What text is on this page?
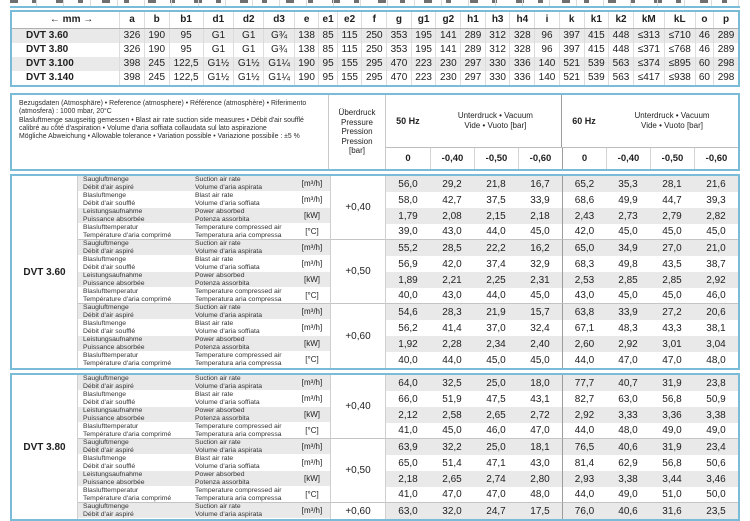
← mm →	a	b	b1	d1	d2	d3	e	e1	e2	f	g	g1	g2	h1	h3	h4	i	k	k1	k2	kM	kL	o	p
DVT 3.60	326	190	95	G1	G1	G¾	138	85	115	250	353	195	141	289	312	328	96	397	415	448	≤313	≤710	46	289
DVT 3.80	326	190	95	G1	G1	G¾	138	85	115	250	353	195	141	289	312	328	96	397	415	448	≤371	≤768	46	289
DVT 3.100	398	245	122,5	G1½	G1½	G1¼	190	95	155	295	470	223	230	297	330	336	140	521	539	563	≤374	≤895	60	298
DVT 3.140	398	245	122,5	G1½	G1½	G1¼	190	95	155	295	470	223	230	297	330	336	140	521	539	563	≤417	≤938	60	298
Bezugsdaten (Atmosphäre) • Reference (atmosphere) • Référence (atmosphère) • Riferimento (atmosfera) : 1000 mbar, 20°C
Blasluftmenge saugseitig gemessen • Blast air rate suction side measures • Débit d'air soufflé calibré au côté d'aspiration • Volume d'aria soffiata collaudata sul lato aspirazione
Mögliche Abweichung • Allowable tolerance • Variation possible • Variazione possibile : ±5 %
Überdruck
Pressure
Pression
Pression
[bar]
50 Hz
Unterdruck • Vacuum
Vide • Vuoto [bar]	60 Hz
Unterdruck • Vacuum
Vide • Vuoto [bar]
0	-0,40	-0,50	-0,60	0	-0,40	-0,50	-0,60
DVT 3.60
+0,40
Saugluftmenge
Débit d'air aspiré
Suction air rate
Volume d'aria aspirata	[m³/h]	56,0	29,2	21,8	16,7	65,2	35,3	28,1	21,6
Blasluftmenge
Débit d'air soufflé
Blast air rate
Volume d'aria soffiata	[m³/h]	58,0	42,7	37,5	33,9	68,6	49,9	44,7	39,3
Leistungsaufnahme
Puissance absorbée
Power absorbed
Potenza assorbita	[kW]	1,79	2,08	2,15	2,18	2,43	2,73	2,79	2,82
Blaslufttemperatur
Température d'aria comprimé
Temperature compressed air
Temperatura aria compressa	[°C]	39,0	43,0	44,0	45,0	42,0	45,0	45,0	45,0
+0,50
Saugluftmenge
Débit d'air aspiré
Suction air rate
Volume d'aria aspirata	[m³/h]	55,2	28,5	22,2	16,2	65,0	34,9	27,0	21,0
Blasluftmenge
Débit d'air soufflé
Blast air rate
Volume d'aria soffiata	[m³/h]	56,9	42,0	37,4	32,9	68,3	49,8	43,5	38,7
Leistungsaufnahme
Puissance absorbée
Power absorbed
Potenza assorbita	[kW]	1,89	2,21	2,25	2,31	2,53	2,85	2,85	2,92
Blaslufttemperatur
Température d'aria comprimé
Temperature compressed air
Temperatura aria compressa	[°C]	40,0	43,0	44,0	45,0	43,0	45,0	45,0	46,0
+0,60
Saugluftmenge
Débit d'air aspiré
Suction air rate
Volume d'aria aspirata	[m³/h]	54,6	28,3	21,9	15,7	63,8	33,9	27,2	20,6
Blasluftmenge
Débit d'air soufflé
Blast air rate
Volume d'aria soffiata	[m³/h]	56,2	41,4	37,0	32,4	67,1	48,3	43,3	38,1
Leistungsaufnahme
Puissance absorbée
Power absorbed
Potenza assorbita	[kW]	1,92	2,28	2,34	2,40	2,60	2,92	3,01	3,04
Blaslufttemperatur
Température d'aria comprimé
Temperature compressed air
Temperatura aria compressa	[°C]	40,0	44,0	45,0	45,0	44,0	47,0	47,0	48,0
DVT 3.80
+0,40
Saugluftmenge
Débit d'air aspiré
Suction air rate
Volume d'aria aspirata	[m³/h]	64,0	32,5	25,0	18,0	77,7	40,7	31,9	23,8
Blasluftmenge
Débit d'air soufflé
Blast air rate
Volume d'aria soffiata	[m³/h]	66,0	51,9	47,5	43,1	82,7	63,0	56,8	50,9
Leistungsaufnahme
Puissance absorbée
Power absorbed
Potenza assorbita	[kW]	2,12	2,58	2,65	2,72	2,92	3,33	3,36	3,38
Blaslufttemperatur
Température d'aria comprimé
Temperature compressed air
Temperatura aria compressa	[°C]	41,0	45,0	46,0	47,0	44,0	48,0	49,0	49,0
+0,50
Saugluftmenge
Débit d'air aspiré
Suction air rate
Volume d'aria aspirata	[m³/h]	63,9	32,2	25,0	18,1	76,5	40,6	31,9	23,4
Blasluftmenge
Débit d'air soufflé
Blast air rate
Volume d'aria soffiata	[m³/h]	65,0	51,4	47,1	43,0	81,4	62,9	56,8	50,6
Leistungsaufnahme
Puissance absorbée
Power absorbed
Potenza assorbita	[kW]	2,18	2,65	2,74	2,80	2,93	3,38	3,44	3,46
Blaslufttemperatur
Température d'aria comprimé
Temperature compressed air
Temperatura aria compressa	[°C]	41,0	47,0	47,0	48,0	44,0	49,0	51,0	50,0
+0,60
Saugluftmenge
Débit d'air aspiré
Suction air rate
Volume d'aria aspirata	[m³/h]	63,0	32,0	24,7	17,5	76,0	40,6	31,6	23,5
